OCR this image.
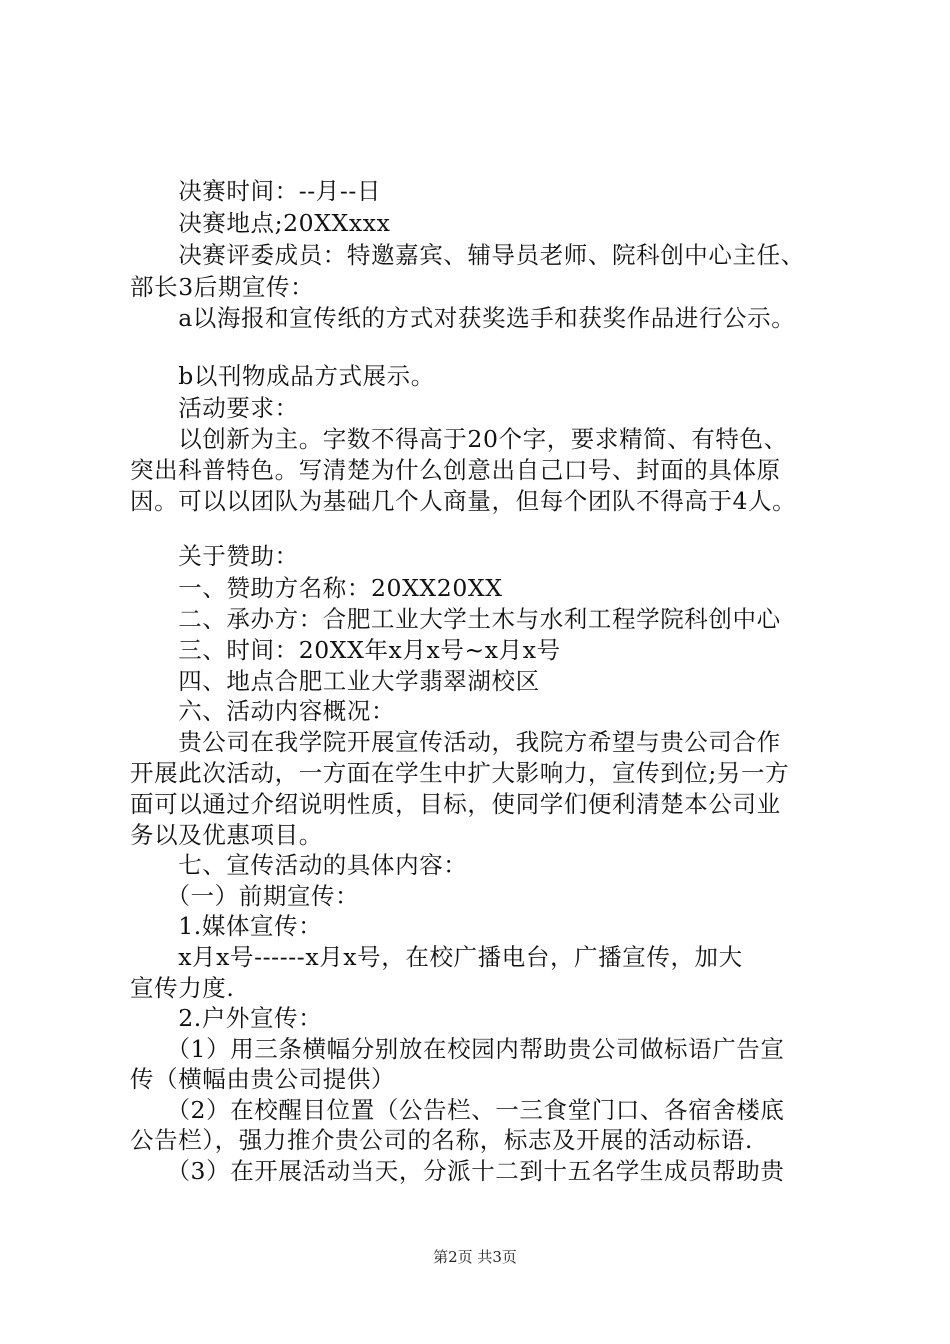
　　决赛时间：--月--日
　　决赛地点;20XXxxx
　　决赛评委成员：特邀嘉宾、辅导员老师、院科创中心主任、
部长3后期宣传：
　　a以海报和宣传纸的方式对获奖选手和获奖作品进行公示。
　　b以刊物成品方式展示。
　　活动要求：
　　以创新为主。字数不得高于20个字，要求精简、有特色、
突出科普特色。写清楚为什么创意出自己口号、封面的具体原
因。可以以团队为基础几个人商量，但每个团队不得高于4人。
　　关于赞助：
　　一、赞助方名称：20XX20XX
　　二、承办方：合肥工业大学土木与水利工程学院科创中心
　　三、时间：20XX年x月x号~x月x号
　　四、地点合肥工业大学翡翠湖校区
　　六、活动内容概况：
　　贵公司在我学院开展宣传活动，我院方希望与贵公司合作
开展此次活动，一方面在学生中扩大影响力，宣传到位;另一方
面可以通过介绍说明性质，目标，使同学们便利清楚本公司业
务以及优惠项目。
　　七、宣传活动的具体内容：
　　（一）前期宣传：
　　1.媒体宣传：
　　x月x号------x月x号，在校广播电台，广播宣传，加大
宣传力度.
　　2.户外宣传：
　　（1）用三条横幅分别放在校园内帮助贵公司做标语广告宣
传（横幅由贵公司提供）
　　（2）在校醒目位置（公告栏、一三食堂门口、各宿舍楼底
公告栏），强力推介贵公司的名称，标志及开展的活动标语.
　　（3）在开展活动当天，分派十二到十五名学生成员帮助贵
第2页 共3页
